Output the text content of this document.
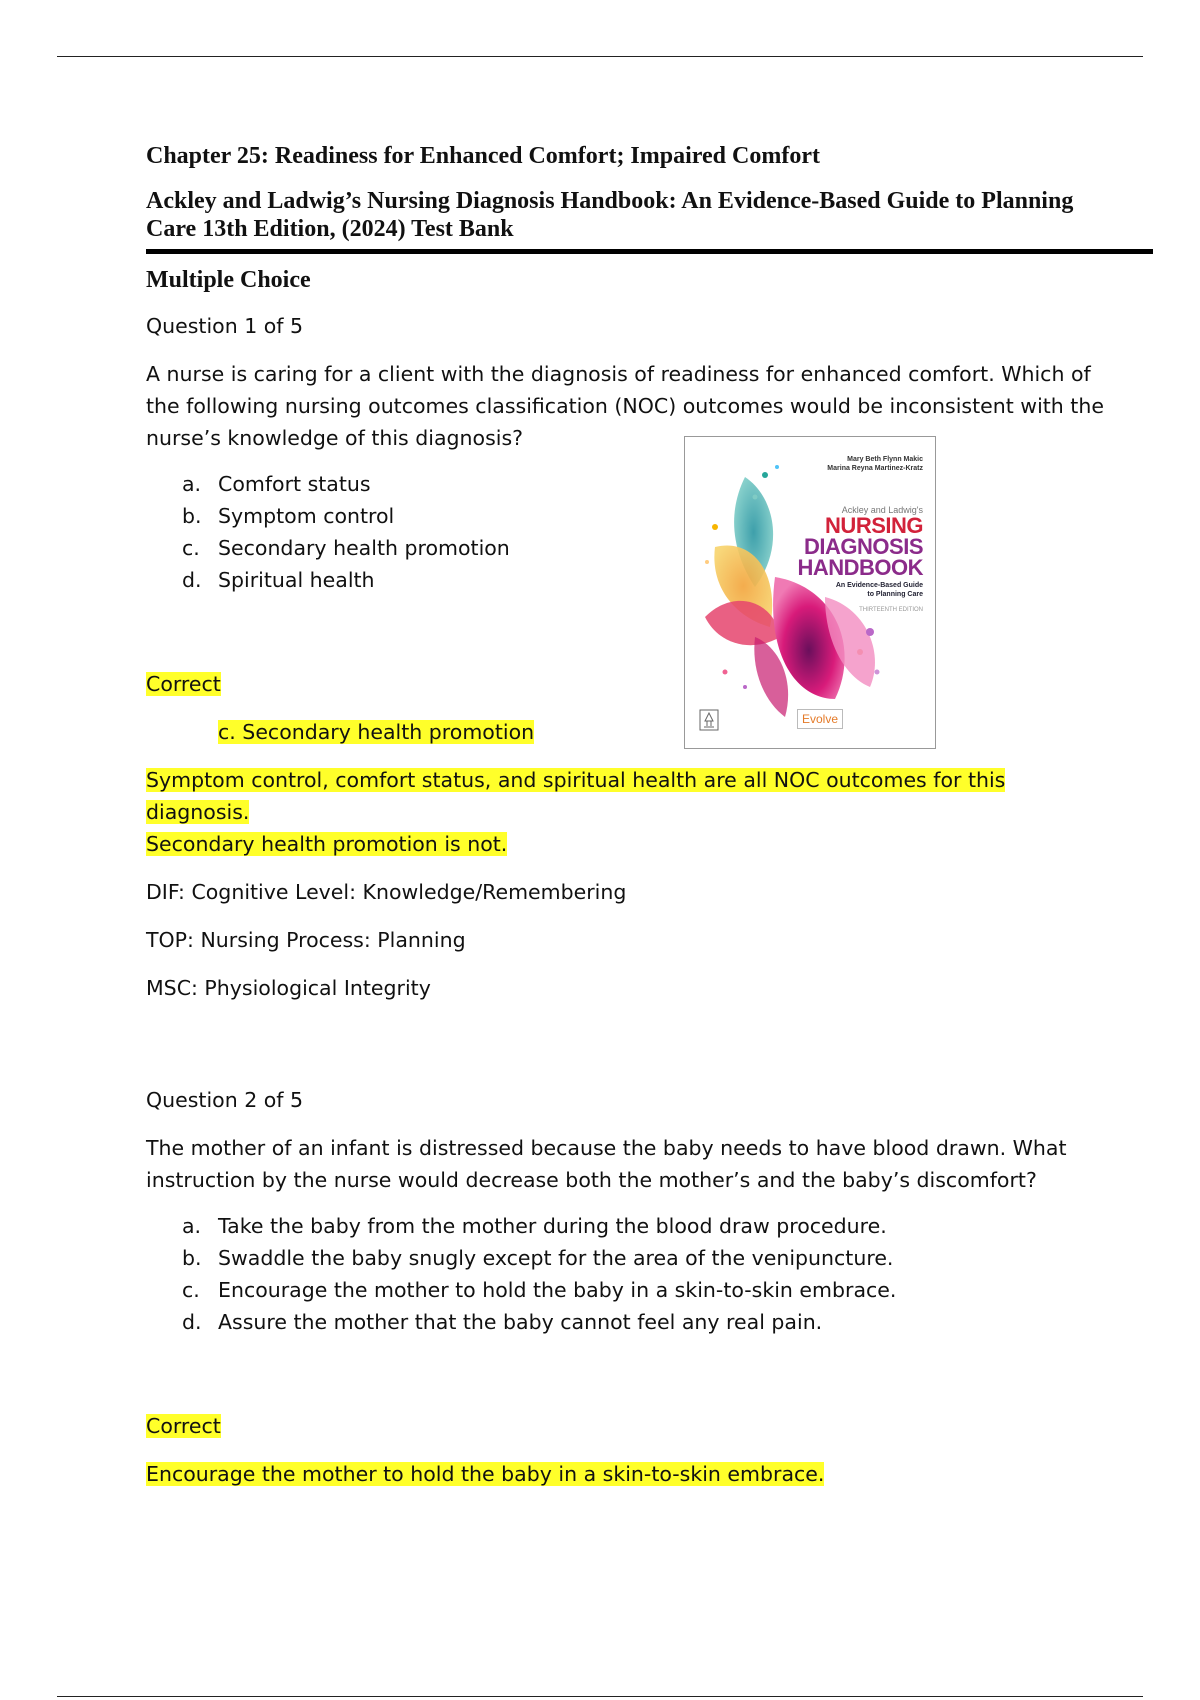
Chapter 25: Readiness for Enhanced Comfort; Impaired Comfort

Ackley and Ladwig’s Nursing Diagnosis Handbook: An Evidence-Based Guide to Planning Care 13th Edition, (2024) Test Bank

Multiple Choice

Question 1 of 5

A nurse is caring for a client with the diagnosis of readiness for enhanced comfort. Which of the following nursing outcomes classification (NOC) outcomes would be inconsistent with the nurse’s knowledge of this diagnosis?

a. Comfort status
b. Symptom control
c. Secondary health promotion
d. Spiritual health

Correct

c. Secondary health promotion

Symptom control, comfort status, and spiritual health are all NOC outcomes for this diagnosis.
Secondary health promotion is not.

DIF: Cognitive Level: Knowledge/Remembering

TOP: Nursing Process: Planning

MSC: Physiological Integrity

Question 2 of 5

The mother of an infant is distressed because the baby needs to have blood drawn. What instruction by the nurse would decrease both the mother’s and the baby’s discomfort?

a. Take the baby from the mother during the blood draw procedure.
b. Swaddle the baby snugly except for the area of the venipuncture.
c. Encourage the mother to hold the baby in a skin-to-skin embrace.
d. Assure the mother that the baby cannot feel any real pain.

Correct

Encourage the mother to hold the baby in a skin-to-skin embrace.

Mary Beth Flynn Makic
Marina Reyna Martinez-Kratz
Ackley and Ladwig's
NURSING
DIAGNOSIS
HANDBOOK
An Evidence-Based Guide
to Planning Care
THIRTEENTH EDITION
Evolve
